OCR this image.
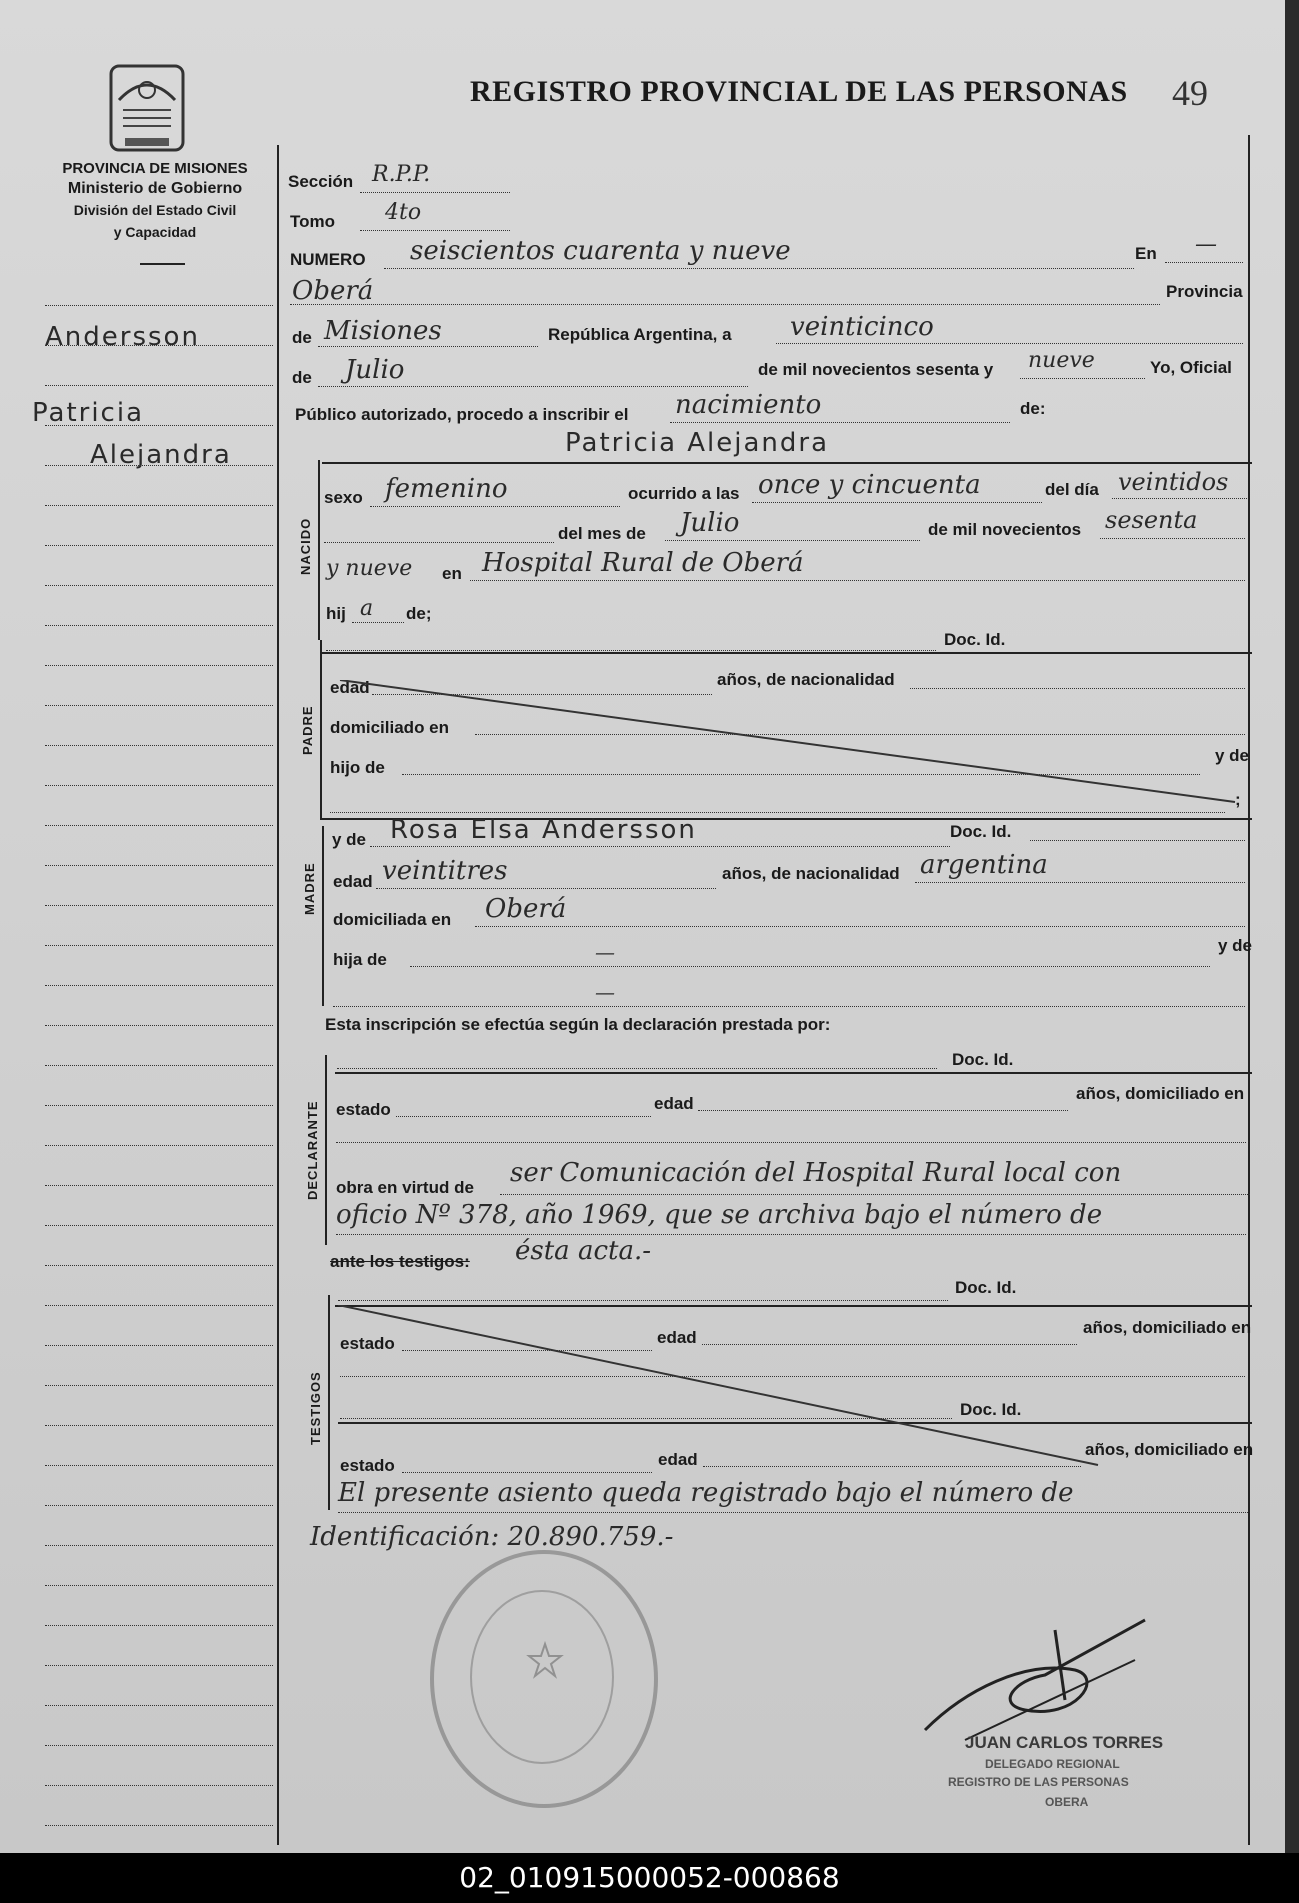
PROVINCIA DE MISIONES
Ministerio de Gobierno
División del Estado Civil
y Capacidad
REGISTRO PROVINCIAL DE LAS PERSONAS 49
Andersson
Patricia
Alejandra
Sección R.P.P.
Tomo 4to
NUMERO seiscientos cuarenta y nueve	En —
Oberá	Provincia
de Misiones	República Argentina, a veinticinco
de Julio	de mil novecientos sesenta y nueve	Yo, Oficial
Público autorizado, procedo a inscribir el nacimiento	de:
NACIDO
Patricia Alejandra
sexo femenino	ocurrido a las once y cincuenta	del día veintidos
del mes de Julio	de mil novecientos sesenta
y nueve en Hospital Rural de Oberá
hij a de;
Doc. Id.
PADRE
edad	años, de nacionalidad
domiciliado en
hijo de
y de
;
MADRE
y de Rosa Elsa Andersson	Doc. Id.
edad veintitres	años, de nacionalidad argentina
domiciliada en Oberá
hija de	—	y de
—
Esta inscripción se efectúa según la declaración prestada por:
DECLARANTE
Doc. Id.
estado	edad
años, domiciliado en
obra en virtud de ser Comunicación del Hospital Rural local con
oficio Nº 378, año 1969, que se archiva bajo el número de
ante los testigos: ésta acta.-
TESTIGOS
Doc. Id.
estado	edad
años, domiciliado en
Doc. Id.
estado	edad
años, domiciliado en
El presente asiento queda registrado bajo el número de
Identificación: 20.890.759.-
JUAN CARLOS TORRES
DELEGADO REGIONAL
REGISTRO DE LAS PERSONAS
OBERA
02_010915000052-000868
